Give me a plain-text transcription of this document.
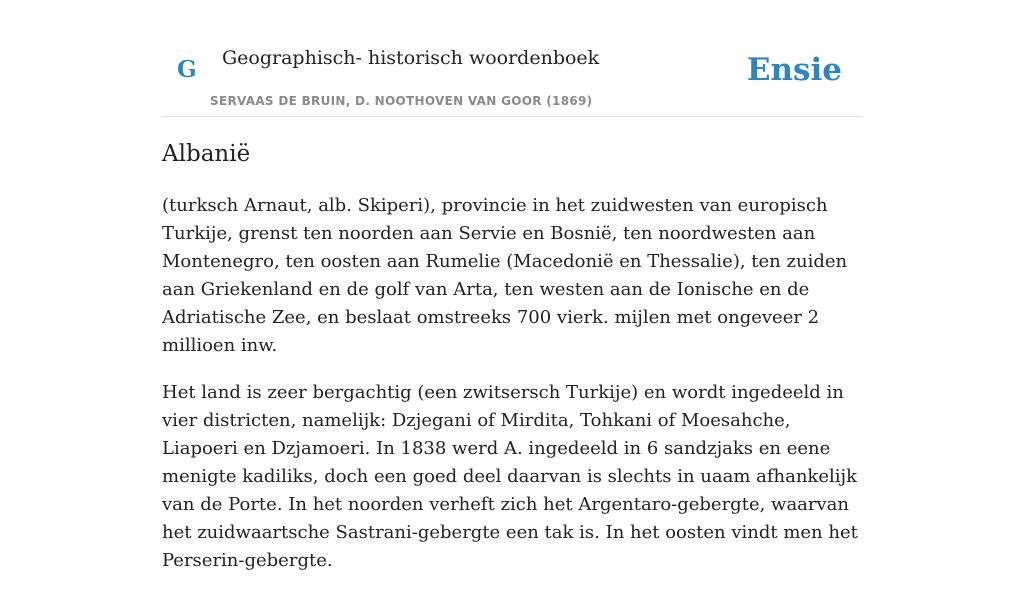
G Geographisch- historisch woordenboek
SERVAAS DE BRUIN, D. NOOTHOVEN VAN GOOR (1869)
Ensie
Albanië

(turksch Arnaut, alb. Skiperi), provincie in het zuidwesten van europisch Turkije, grenst ten noorden aan Servie en Bosnië, ten noordwesten aan Montenegro, ten oosten aan Rumelie (Macedonië en Thessalie), ten zuiden aan Griekenland en de golf van Arta, ten westen aan de Ionische en de Adriatische Zee, en beslaat omstreeks 700 vierk. mijlen met ongeveer 2 millioen inw.

Het land is zeer bergachtig (een zwitsersch Turkije) en wordt ingedeeld in vier districten, namelijk: Dzjegani of Mirdita, Tohkani of Moesahche, Liapoeri en Dzjamoeri. In 1838 werd A. ingedeeld in 6 sandzjaks en eene menigte kadiliks, doch een goed deel daarvan is slechts in uaam afhankelijk van de Porte. In het noorden verheft zich het Argentaro-gebergte, waarvan het zuidwaartsche Sastrani-gebergte een tak is. In het oosten vindt men het Perserin-gebergte.
